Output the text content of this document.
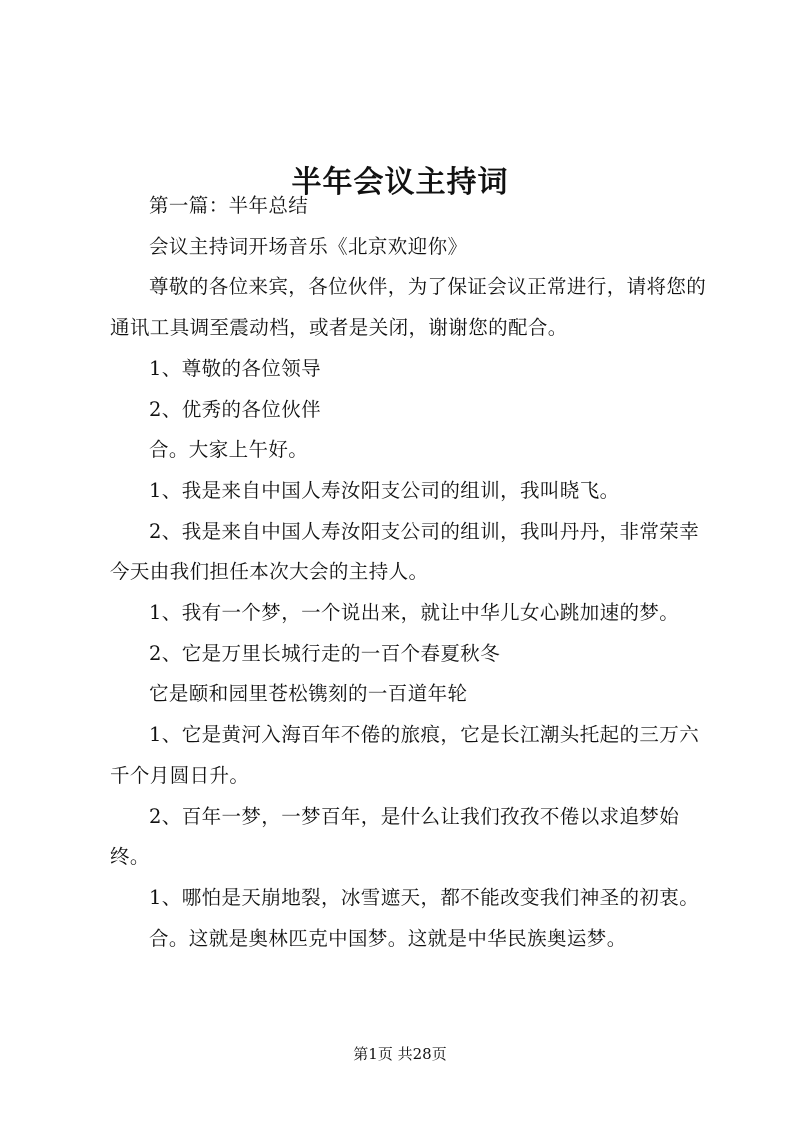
半年会议主持词

第一篇：半年总结

会议主持词开场音乐《北京欢迎你》

尊敬的各位来宾，各位伙伴，为了保证会议正常进行，请将您的通讯工具调至震动档，或者是关闭，谢谢您的配合。

1、尊敬的各位领导

2、优秀的各位伙伴

合。大家上午好。

1、我是来自中国人寿汝阳支公司的组训，我叫晓飞。

2、我是来自中国人寿汝阳支公司的组训，我叫丹丹，非常荣幸今天由我们担任本次大会的主持人。

1、我有一个梦，一个说出来，就让中华儿女心跳加速的梦。

2、它是万里长城行走的一百个春夏秋冬

它是颐和园里苍松镌刻的一百道年轮

1、它是黄河入海百年不倦的旅痕，它是长江潮头托起的三万六千个月圆日升。

2、百年一梦，一梦百年，是什么让我们孜孜不倦以求追梦始终。

1、哪怕是天崩地裂，冰雪遮天，都不能改变我们神圣的初衷。

合。这就是奥林匹克中国梦。这就是中华民族奥运梦。

第1页 共28页
